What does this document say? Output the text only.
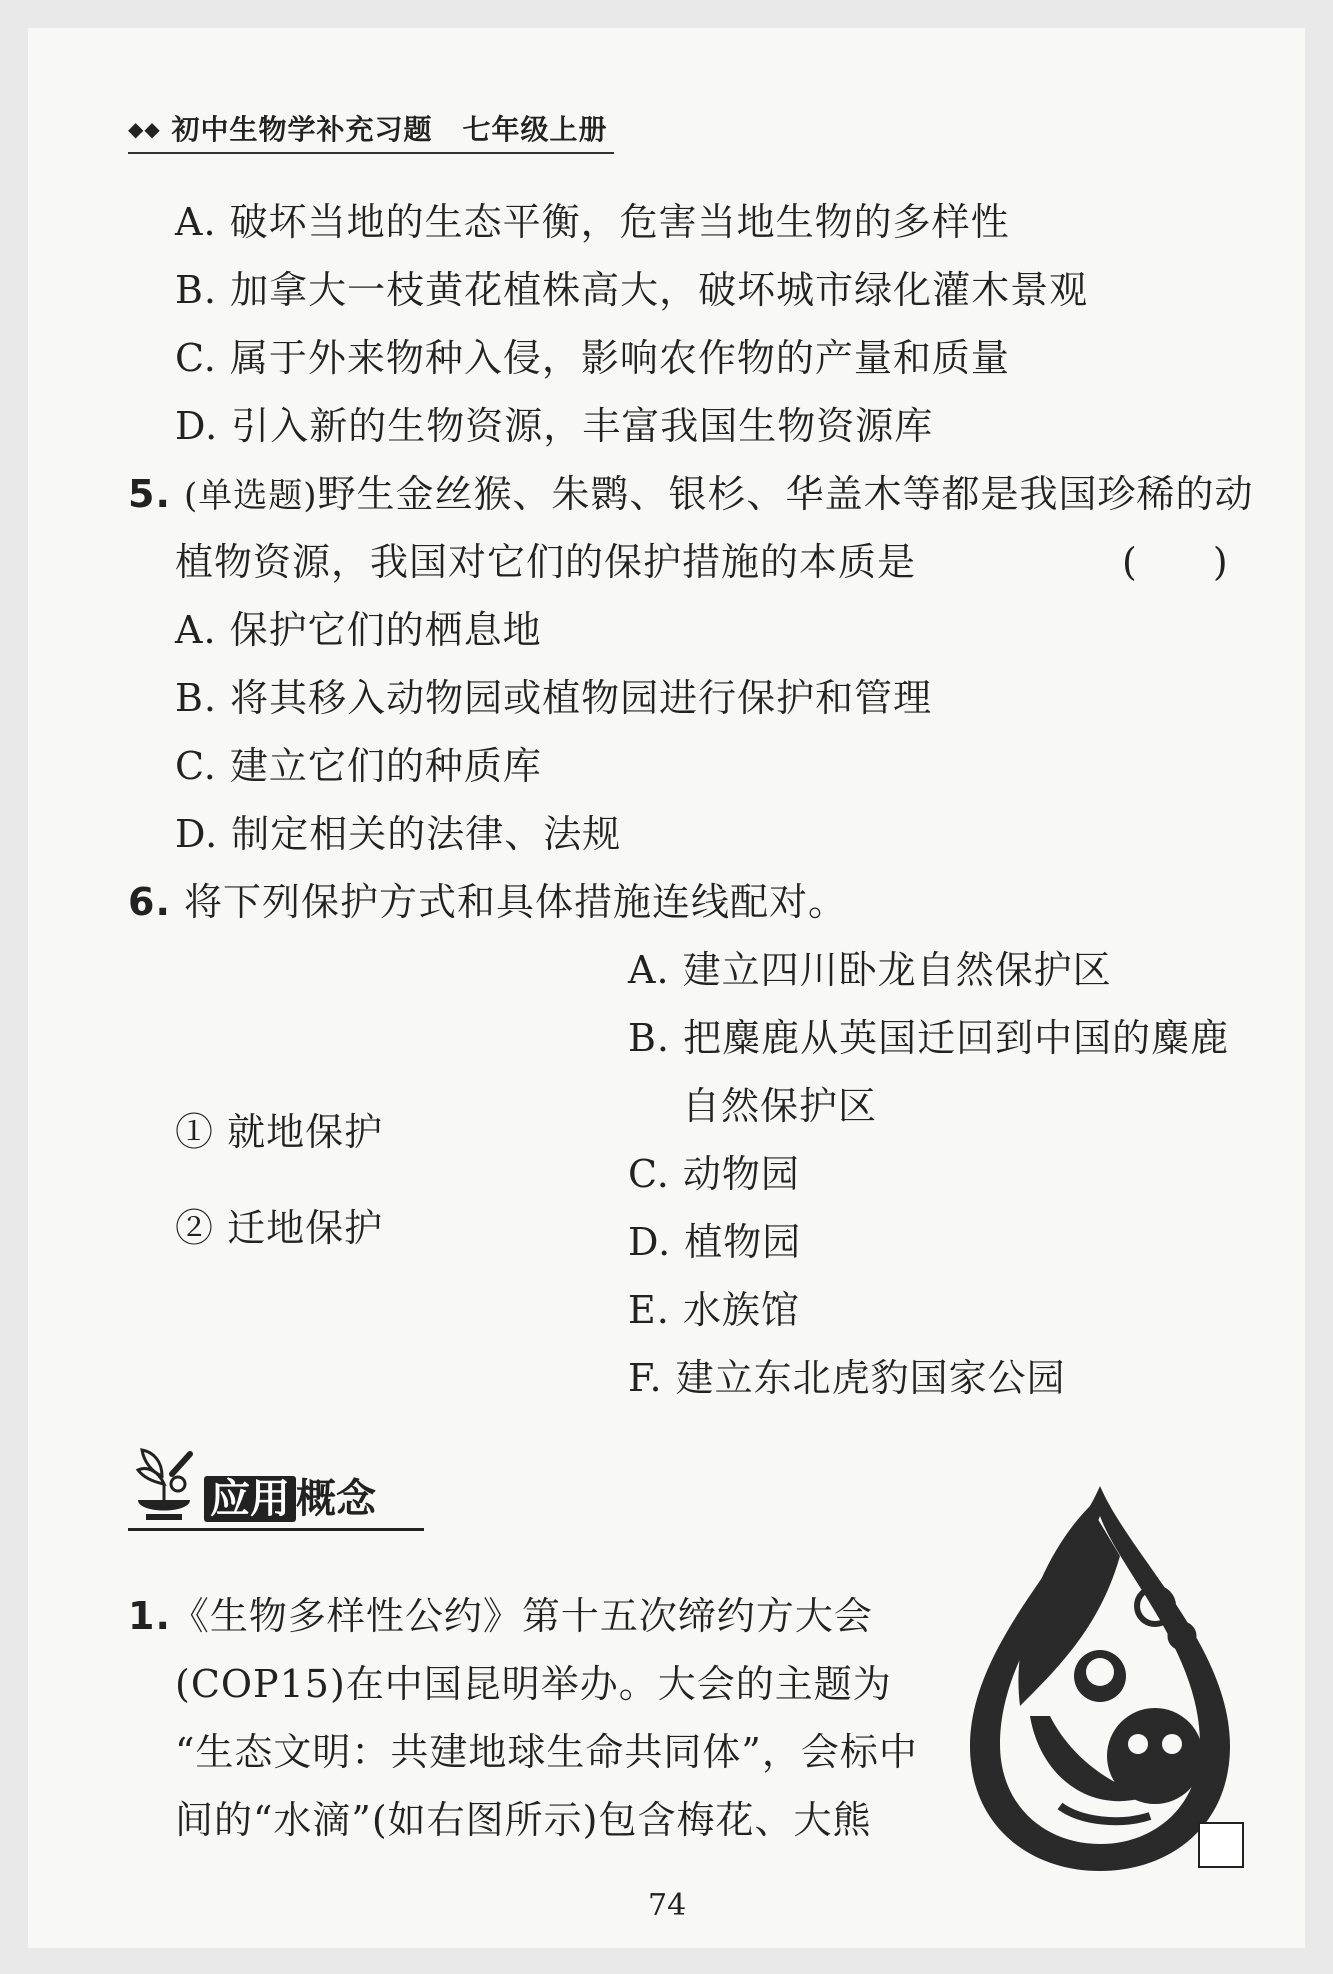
◆◆ 初中生物学补充习题 七年级上册
A. 破坏当地的生态平衡，危害当地生物的多样性
B. 加拿大一枝黄花植株高大，破坏城市绿化灌木景观
C. 属于外来物种入侵，影响农作物的产量和质量
D. 引入新的生物资源，丰富我国生物资源库
5. (单选题)野生金丝猴、朱鹮、银杉、华盖木等都是我国珍稀的动
植物资源，我国对它们的保护措施的本质是	(　　)
A. 保护它们的栖息地
B. 将其移入动物园或植物园进行保护和管理
C. 建立它们的种质库
D. 制定相关的法律、法规
6. 将下列保护方式和具体措施连线配对。
① 就地保护
② 迁地保护
A. 建立四川卧龙自然保护区
B. 把麋鹿从英国迁回到中国的麋鹿
自然保护区
C. 动物园
D. 植物园
E. 水族馆
F. 建立东北虎豹国家公园
应用 概念
1.《生物多样性公约》第十五次缔约方大会
(COP15)在中国昆明举办。大会的主题为
“生态文明：共建地球生命共同体”，会标中
间的“水滴”(如右图所示)包含梅花、大熊
74
